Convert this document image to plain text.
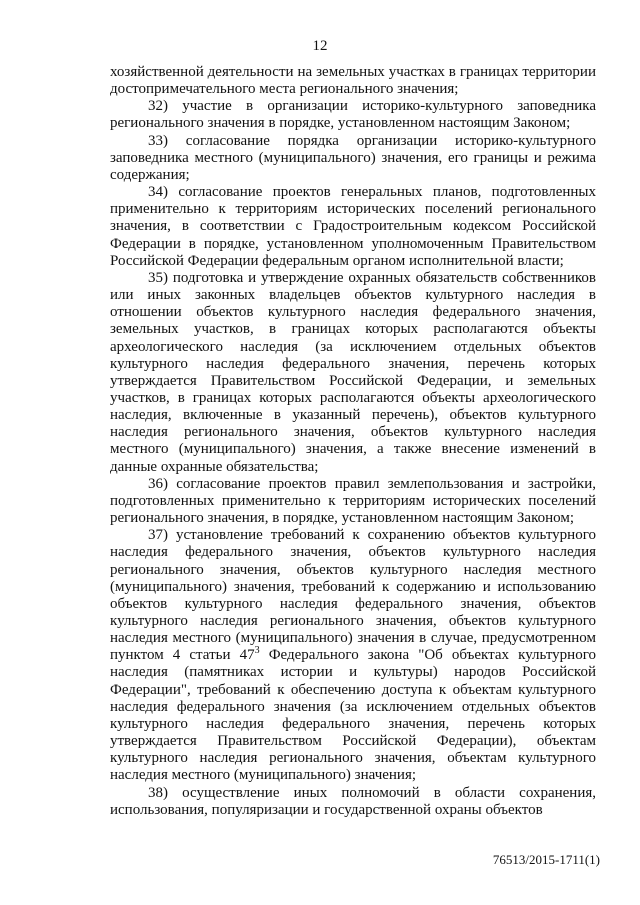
12

хозяйственной деятельности на земельных участках в границах территории достопримечательного места регионального значения;

32) участие в организации историко-культурного заповедника регионального значения в порядке, установленном настоящим Законом;

33) согласование порядка организации историко-культурного заповедника местного (муниципального) значения, его границы и режима содержания;

34) согласование проектов генеральных планов, подготовленных применительно к территориям исторических поселений регионального значения, в соответствии с Градостроительным кодексом Российской Федерации в порядке, установленном уполномоченным Правительством Российской Федерации федеральным органом исполнительной власти;

35) подготовка и утверждение охранных обязательств собственников или иных законных владельцев объектов культурного наследия в отношении объектов культурного наследия федерального значения, земельных участков, в границах которых располагаются объекты археологического наследия (за исключением отдельных объектов культурного наследия федерального значения, перечень которых утверждается Правительством Российской Федерации, и земельных участков, в границах которых располагаются объекты археологического наследия, включенные в указанный перечень), объектов культурного наследия регионального значения, объектов культурного наследия местного (муниципального) значения, а также внесение изменений в данные охранные обязательства;

36) согласование проектов правил землепользования и застройки, подготовленных применительно к территориям исторических поселений регионального значения, в порядке, установленном настоящим Законом;

37) установление требований к сохранению объектов культурного наследия федерального значения, объектов культурного наследия регионального значения, объектов культурного наследия местного (муниципального) значения, требований к содержанию и использованию объектов культурного наследия федерального значения, объектов культурного наследия регионального значения, объектов культурного наследия местного (муниципального) значения в случае, предусмотренном пунктом 4 статьи $47^3$ Федерального закона "Об объектах культурного наследия (памятниках истории и культуры) народов Российской Федерации", требований к обеспечению доступа к объектам культурного наследия федерального значения (за исключением отдельных объектов культурного наследия федерального значения, перечень которых утверждается Правительством Российской Федерации), объектам культурного наследия регионального значения, объектам культурного наследия местного (муниципального) значения;

38) осуществление иных полномочий в области сохранения, использования, популяризации и государственной охраны объектов

76513/2015-1711(1)
